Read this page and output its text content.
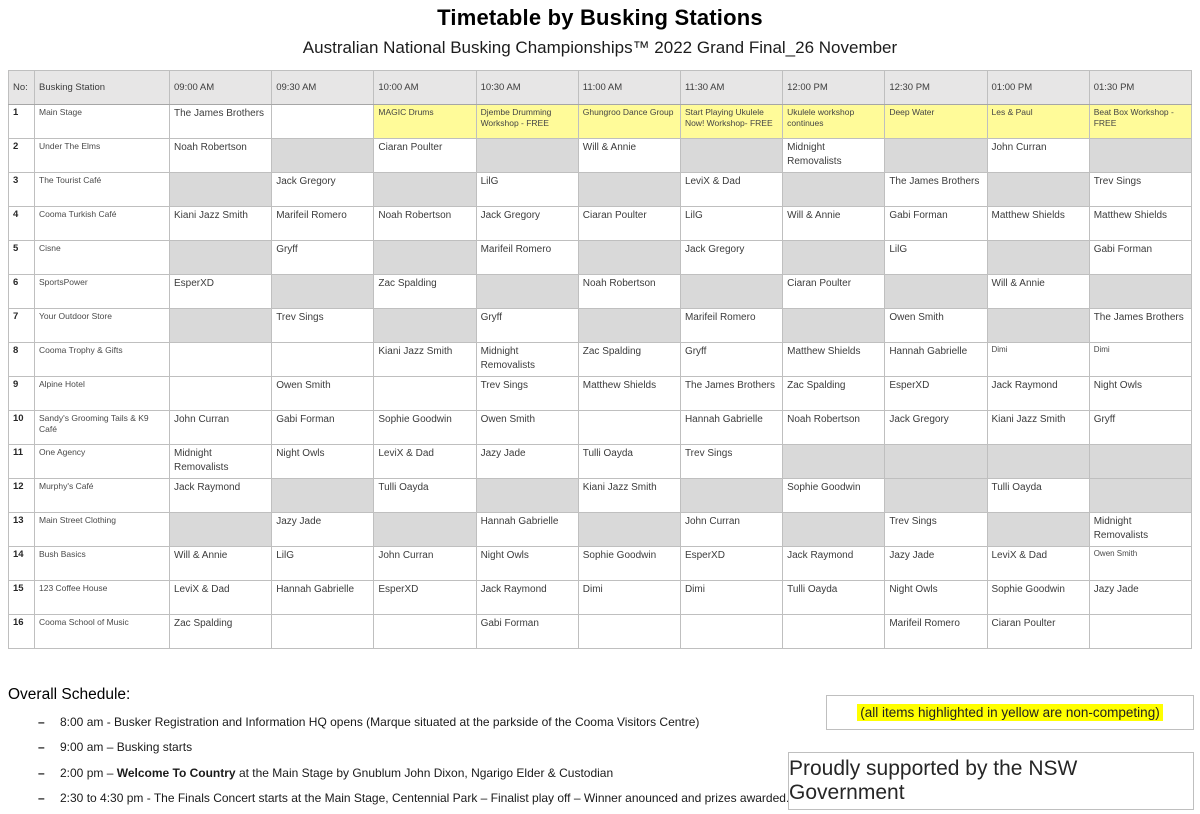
Timetable by Busking Stations
Australian National Busking Championships™ 2022 Grand Final_26 November
No:	Busking Station	09:00 AM	09:30 AM	10:00 AM	10:30 AM	11:00 AM	11:30 AM	12:00 PM	12:30 PM	01:00 PM	01:30 PM
1	Main Stage	The James Brothers		MAGIC Drums	Djembe Drumming Workshop - FREE	Ghungroo Dance Group	Start Playing Ukulele Now! Workshop- FREE	Ukulele workshop continues	Deep Water	Les & Paul	Beat Box Workshop - FREE
2	Under The Elms	Noah Robertson		Ciaran Poulter		Will & Annie		Midnight Removalists		John Curran	
3	The Tourist Café		Jack Gregory		LilG		LeviX & Dad		The James Brothers		Trev Sings
4	Cooma Turkish Café	Kiani Jazz Smith	Marifeil Romero	Noah Robertson	Jack Gregory	Ciaran Poulter	LilG	Will & Annie	Gabi Forman	Matthew Shields	Matthew Shields
5	Cisne		Gryff		Marifeil Romero		Jack Gregory		LilG		Gabi Forman
6	SportsPower	EsperXD		Zac Spalding		Noah Robertson		Ciaran Poulter		Will & Annie	
7	Your Outdoor Store		Trev Sings		Gryff		Marifeil Romero		Owen Smith		The James Brothers
8	Cooma Trophy & Gifts			Kiani Jazz Smith	Midnight Removalists	Zac Spalding	Gryff	Matthew Shields	Hannah Gabrielle	Dimi	Dimi
9	Alpine Hotel		Owen Smith		Trev Sings	Matthew Shields	The James Brothers	Zac Spalding	EsperXD	Jack Raymond	Night Owls
10	Sandy's Grooming Tails & K9 Café	John Curran	Gabi Forman	Sophie Goodwin	Owen Smith		Hannah Gabrielle	Noah Robertson	Jack Gregory	Kiani Jazz Smith	Gryff
11	One Agency	Midnight Removalists	Night Owls	LeviX & Dad	Jazy Jade	Tulli Oayda	Trev Sings				
12	Murphy's Café	Jack Raymond		Tulli Oayda		Kiani Jazz Smith		Sophie Goodwin		Tulli Oayda	
13	Main Street Clothing		Jazy Jade		Hannah Gabrielle		John Curran		Trev Sings		Midnight Removalists
14	Bush Basics	Will & Annie	LilG	John Curran	Night Owls	Sophie Goodwin	EsperXD	Jack Raymond	Jazy Jade	LeviX & Dad	Owen Smith
15	123 Coffee House	LeviX & Dad	Hannah Gabrielle	EsperXD	Jack Raymond	Dimi	Dimi	Tulli Oayda	Night Owls	Sophie Goodwin	Jazy Jade
16	Cooma School of Music	Zac Spalding			Gabi Forman				Marifeil Romero	Ciaran Poulter	
Overall Schedule:
–	8:00 am - Busker Registration and Information HQ opens (Marque situated at the parkside of the Cooma Visitors Centre)
–	9:00 am – Busking starts
–	2:00 pm – Welcome To Country at the Main Stage by Gnublum John Dixon, Ngarigo Elder & Custodian
–	2:30 to 4:30 pm - The Finals Concert starts at the Main Stage, Centennial Park – Finalist play off – Winner anounced and prizes awarded.
(all items highlighted in yellow are non-competing)
Proudly supported by the NSW Government
